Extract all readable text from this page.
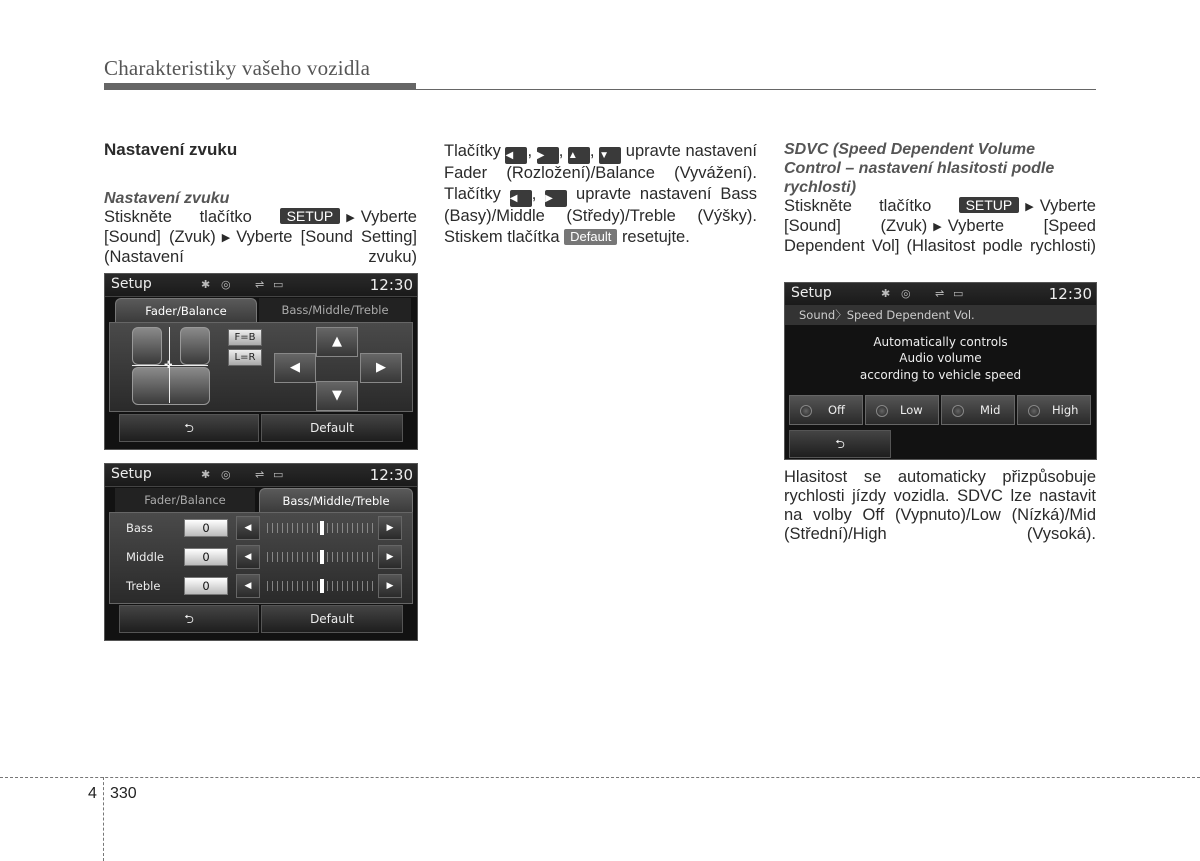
Charakteristiky vašeho vozidla
Nastavení zvuku
Nastavení zvuku

Stiskněte tlačítko SETUP ▶ Vyberte [Sound] (Zvuk) ▶ Vyberte [Sound Setting] (Nastavení zvuku)

Setup	✱ ◎ ⇌ ▭	12:30
Fader/Balance	Bass/Middle/Treble
✛
F=B
L=R
▲
◀	▶
▼
⮌	Default
Setup	✱ ◎ ⇌ ▭	12:30
Fader/Balance	Bass/Middle/Treble
Bass	0	◀	▶
Middle	0	◀	▶
Treble	0	◀	▶
⮌	Default

Tlačítky ◀ , ▶ , ▲ , ▼ upravte nastavení Fader (Rozložení)/Balance (Vyvážení).

Tlačítky ◀ , ▶ upravte nastavení Bass (Basy)/Middle (Středy)/Treble (Výšky).

Stiskem tlačítka Default resetujte.

SDVC (Speed Dependent Volume Control – nastavení hlasitosti podle rychlosti)

Stiskněte tlačítko SETUP ▶ Vyberte [Sound] (Zvuk) ▶ Vyberte [Speed Dependent Vol] (Hlasitost podle rychlosti)

Setup	✱ ◎ ⇌ ▭	12:30
Sound〉Speed Dependent Vol.
Automatically controls
Audio volume
according to vehicle speed
Off	Low	Mid	High
⮌
Hlasitost se automaticky přizpůsobuje rychlosti jízdy vozidla. SDVC lze nastavit na volby Off (Vypnuto)/Low (Nízká)/Mid (Střední)/High (Vysoká).
4 330
